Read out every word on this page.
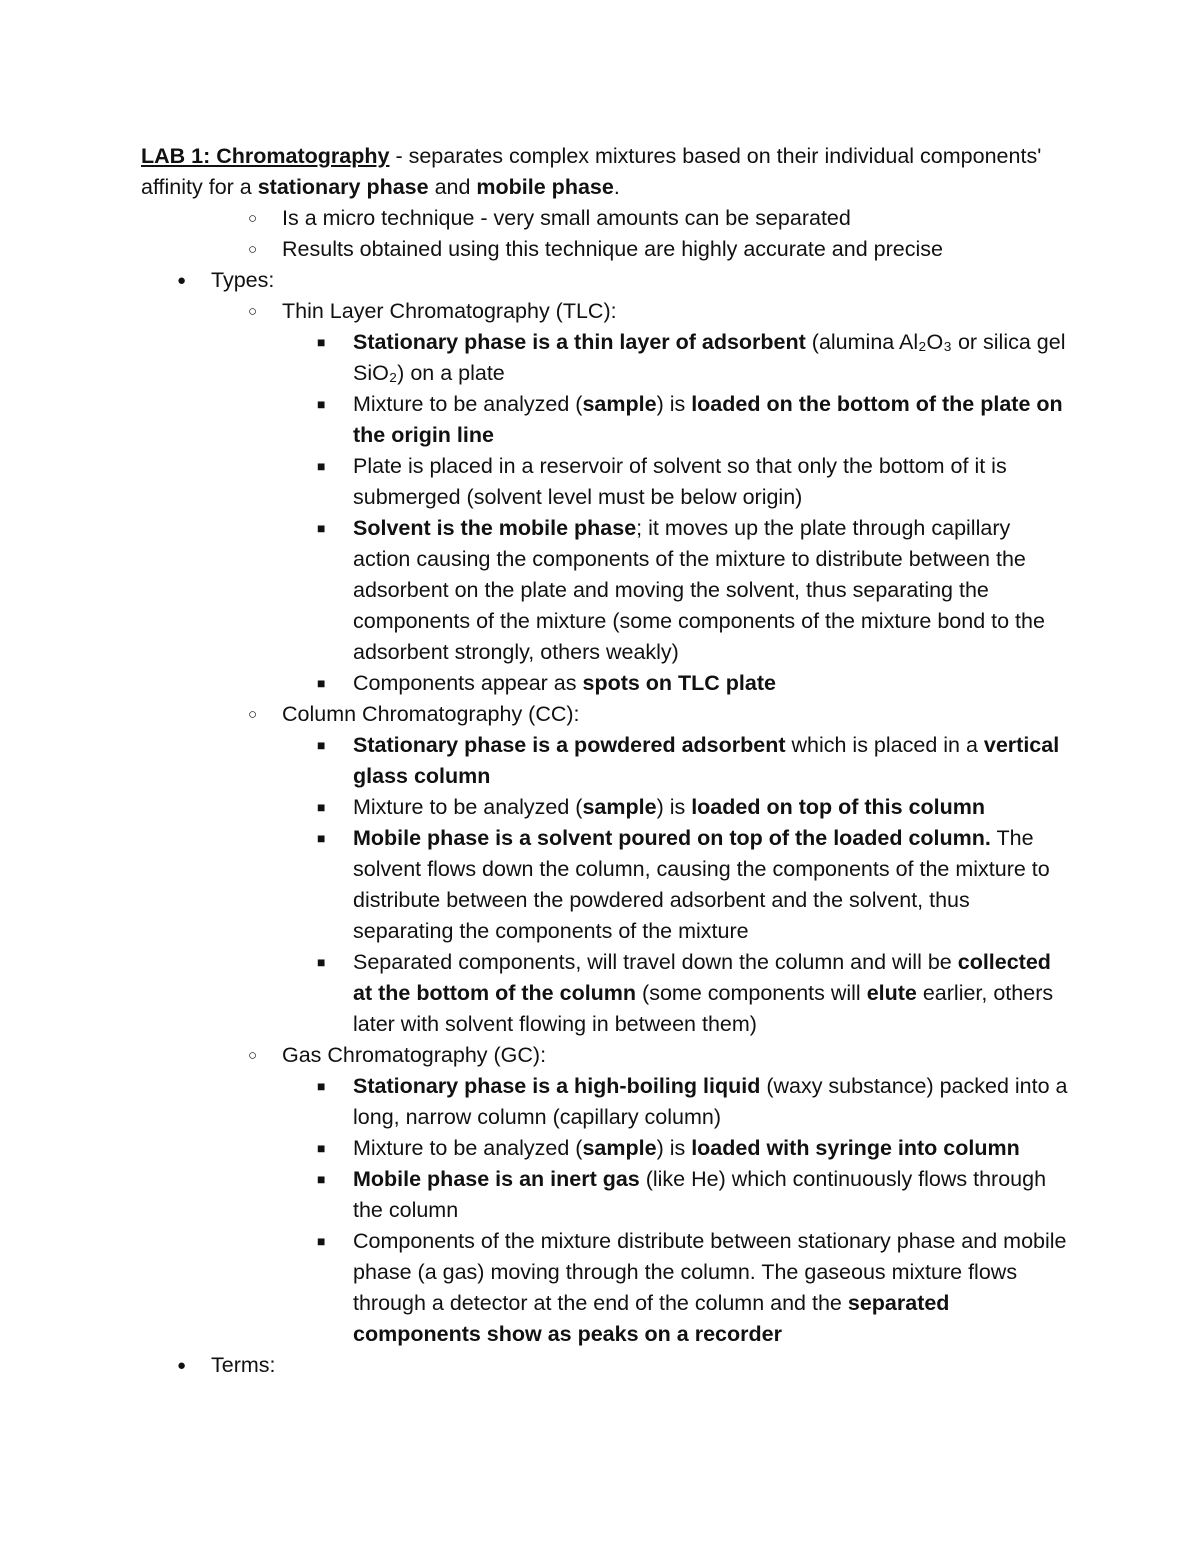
LAB 1: Chromatography - separates complex mixtures based on their individual components' affinity for a stationary phase and mobile phase.

○ Is a micro technique - very small amounts can be separated
○ Results obtained using this technique are highly accurate and precise
● Types:
○ Thin Layer Chromatography (TLC):
■ Stationary phase is a thin layer of adsorbent (alumina Al₂O₃ or silica gel SiO₂) on a plate
■ Mixture to be analyzed (sample) is loaded on the bottom of the plate on the origin line
■ Plate is placed in a reservoir of solvent so that only the bottom of it is submerged (solvent level must be below origin)
■ Solvent is the mobile phase; it moves up the plate through capillary action causing the components of the mixture to distribute between the adsorbent on the plate and moving the solvent, thus separating the components of the mixture (some components of the mixture bond to the adsorbent strongly, others weakly)
■ Components appear as spots on TLC plate
○ Column Chromatography (CC):
■ Stationary phase is a powdered adsorbent which is placed in a vertical glass column
■ Mixture to be analyzed (sample) is loaded on top of this column
■ Mobile phase is a solvent poured on top of the loaded column. The solvent flows down the column, causing the components of the mixture to distribute between the powdered adsorbent and the solvent, thus separating the components of the mixture
■ Separated components, will travel down the column and will be collected at the bottom of the column (some components will elute earlier, others later with solvent flowing in between them)
○ Gas Chromatography (GC):
■ Stationary phase is a high-boiling liquid (waxy substance) packed into a long, narrow column (capillary column)
■ Mixture to be analyzed (sample) is loaded with syringe into column
■ Mobile phase is an inert gas (like He) which continuously flows through the column
■ Components of the mixture distribute between stationary phase and mobile phase (a gas) moving through the column. The gaseous mixture flows through a detector at the end of the column and the separated components show as peaks on a recorder
● Terms:
